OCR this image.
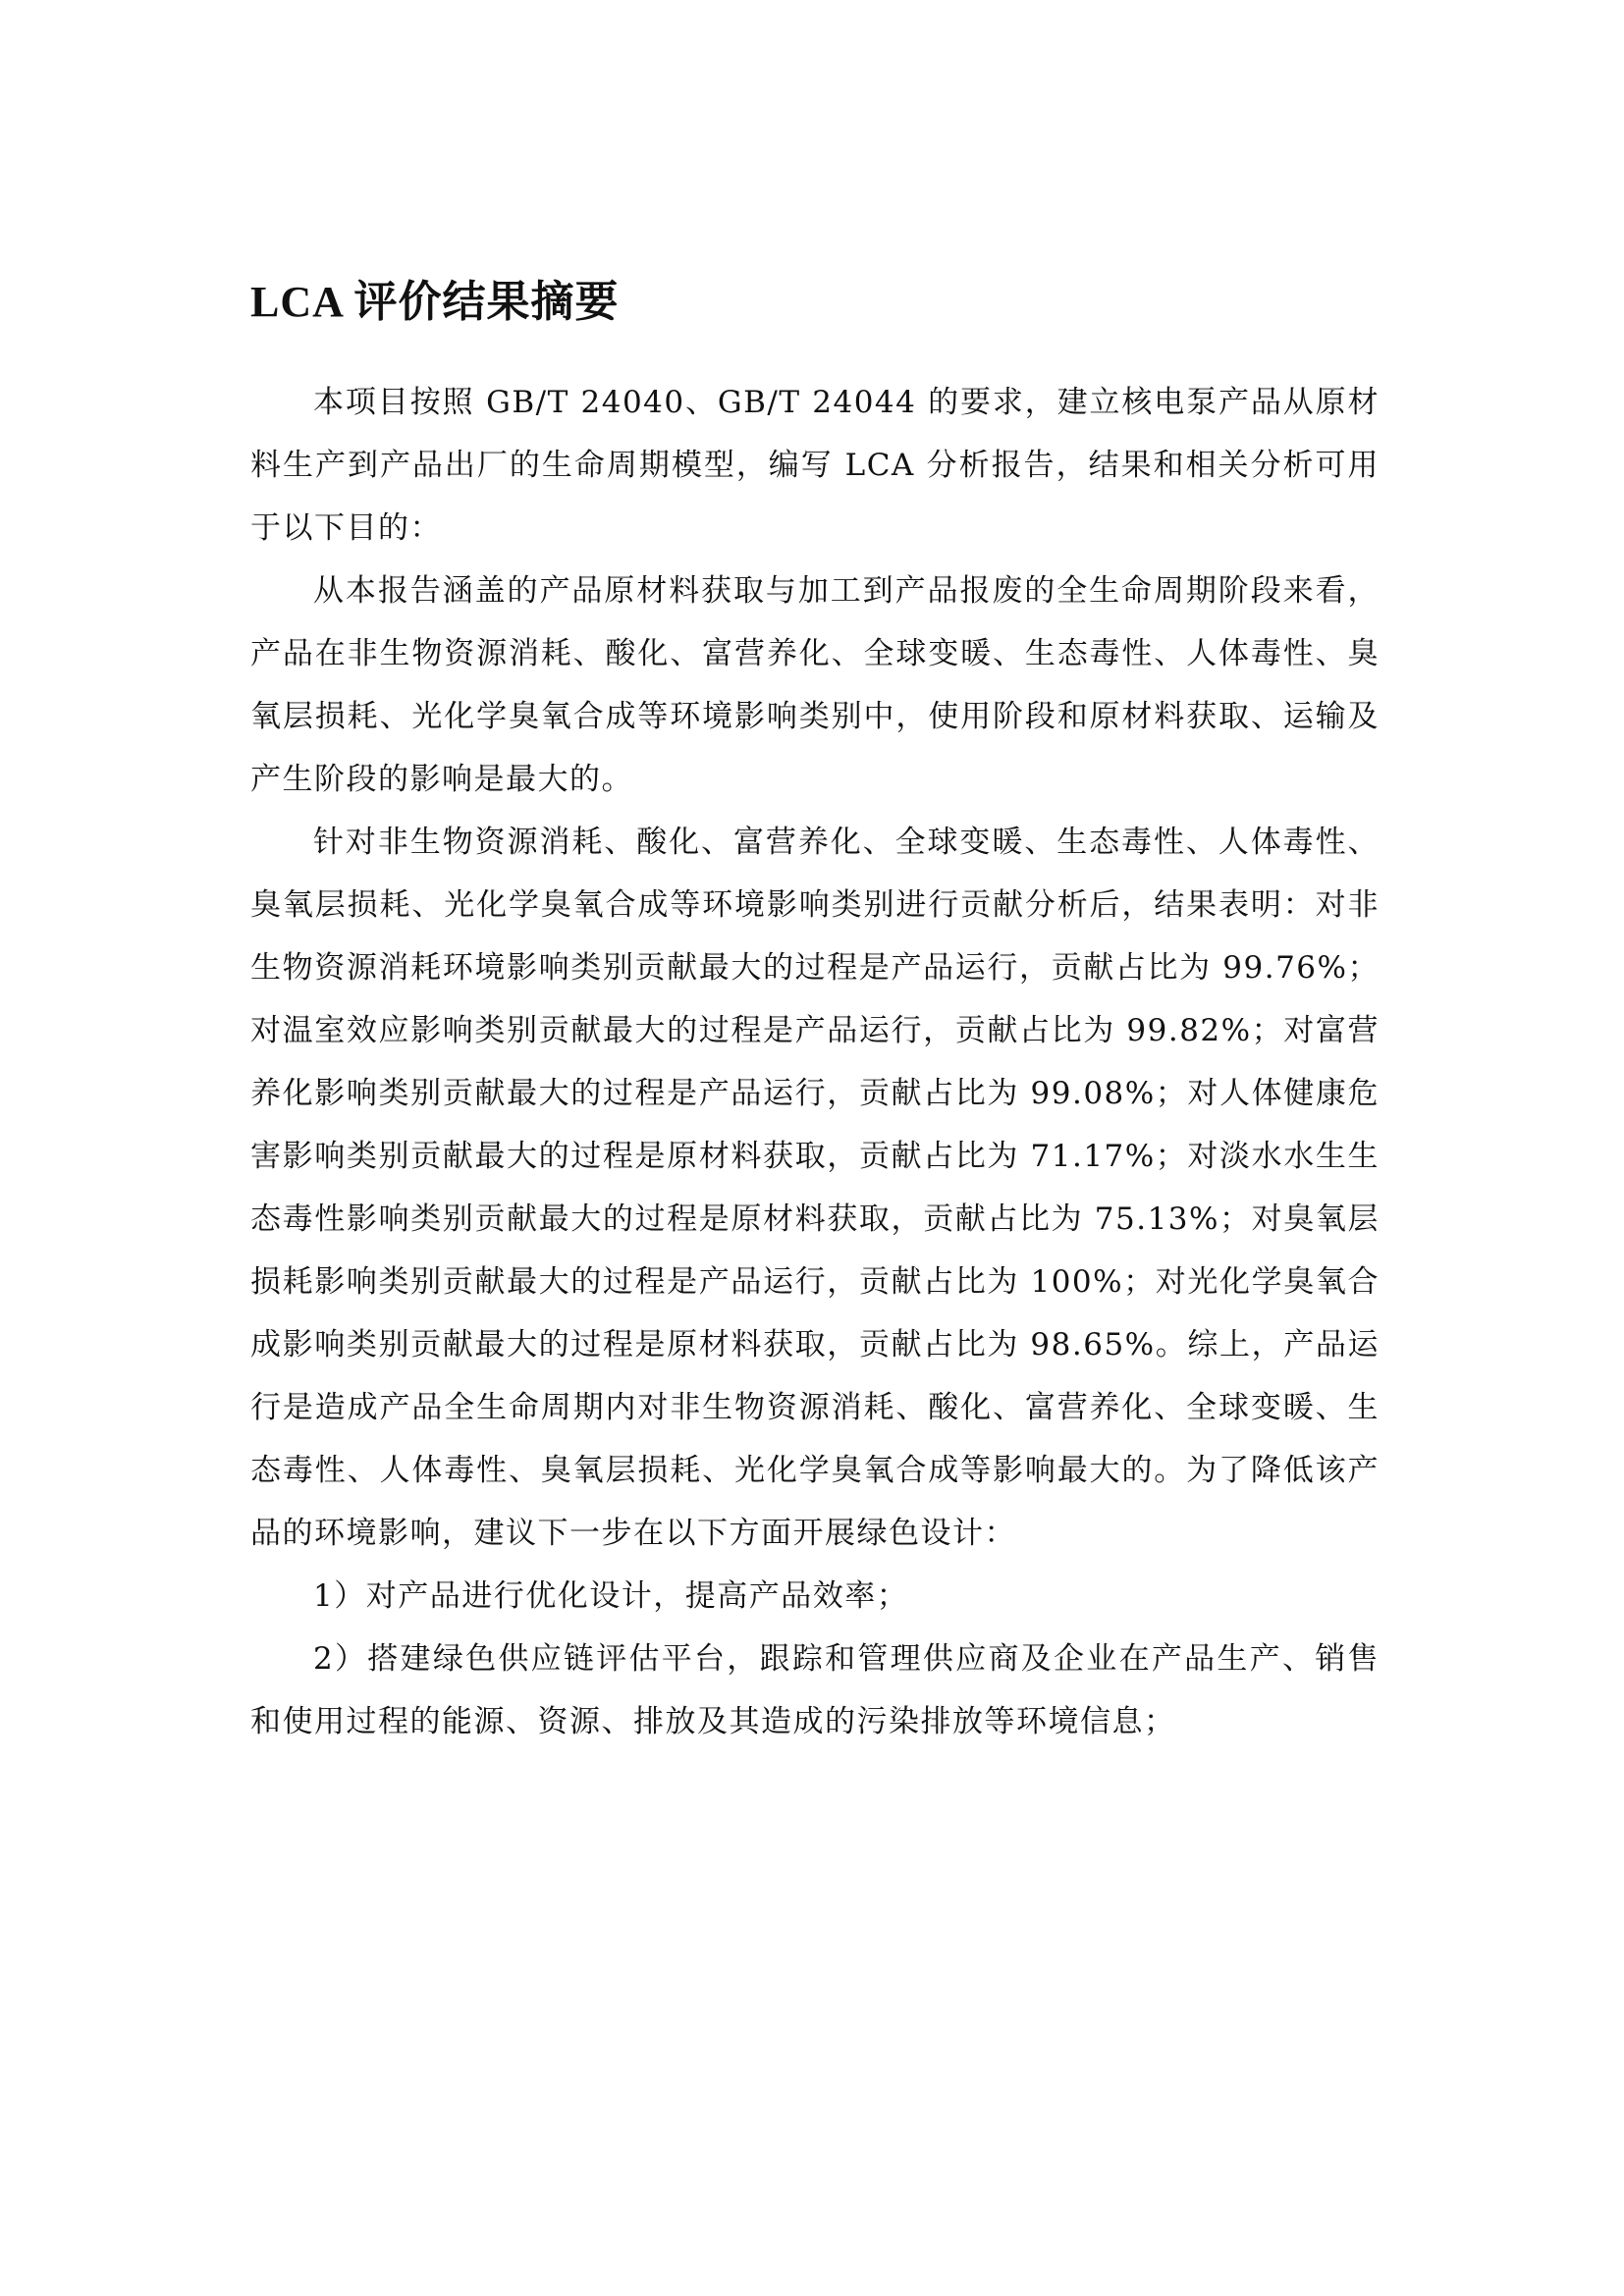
LCA 评价结果摘要

本项目按照 GB/T 24040、GB/T 24044 的要求，建立核电泵产品从原材料生产到产品出厂的生命周期模型，编写 LCA 分析报告，结果和相关分析可用于以下目的：

从本报告涵盖的产品原材料获取与加工到产品报废的全生命周期阶段来看，产品在非生物资源消耗、酸化、富营养化、全球变暖、生态毒性、人体毒性、臭氧层损耗、光化学臭氧合成等环境影响类别中，使用阶段和原材料获取、运输及产生阶段的影响是最大的。

针对非生物资源消耗、酸化、富营养化、全球变暖、生态毒性、人体毒性、臭氧层损耗、光化学臭氧合成等环境影响类别进行贡献分析后，结果表明：对非生物资源消耗环境影响类别贡献最大的过程是产品运行，贡献占比为 99.76%；对温室效应影响类别贡献最大的过程是产品运行，贡献占比为 99.82%；对富营养化影响类别贡献最大的过程是产品运行，贡献占比为 99.08%；对人体健康危害影响类别贡献最大的过程是原材料获取，贡献占比为 71.17%；对淡水水生生态毒性影响类别贡献最大的过程是原材料获取，贡献占比为 75.13%；对臭氧层损耗影响类别贡献最大的过程是产品运行，贡献占比为 100%；对光化学臭氧合成影响类别贡献最大的过程是原材料获取，贡献占比为 98.65%。综上，产品运行是造成产品全生命周期内对非生物资源消耗、酸化、富营养化、全球变暖、生态毒性、人体毒性、臭氧层损耗、光化学臭氧合成等影响最大的。为了降低该产品的环境影响，建议下一步在以下方面开展绿色设计：

1）对产品进行优化设计，提高产品效率；

2）搭建绿色供应链评估平台，跟踪和管理供应商及企业在产品生产、销售和使用过程的能源、资源、排放及其造成的污染排放等环境信息；
